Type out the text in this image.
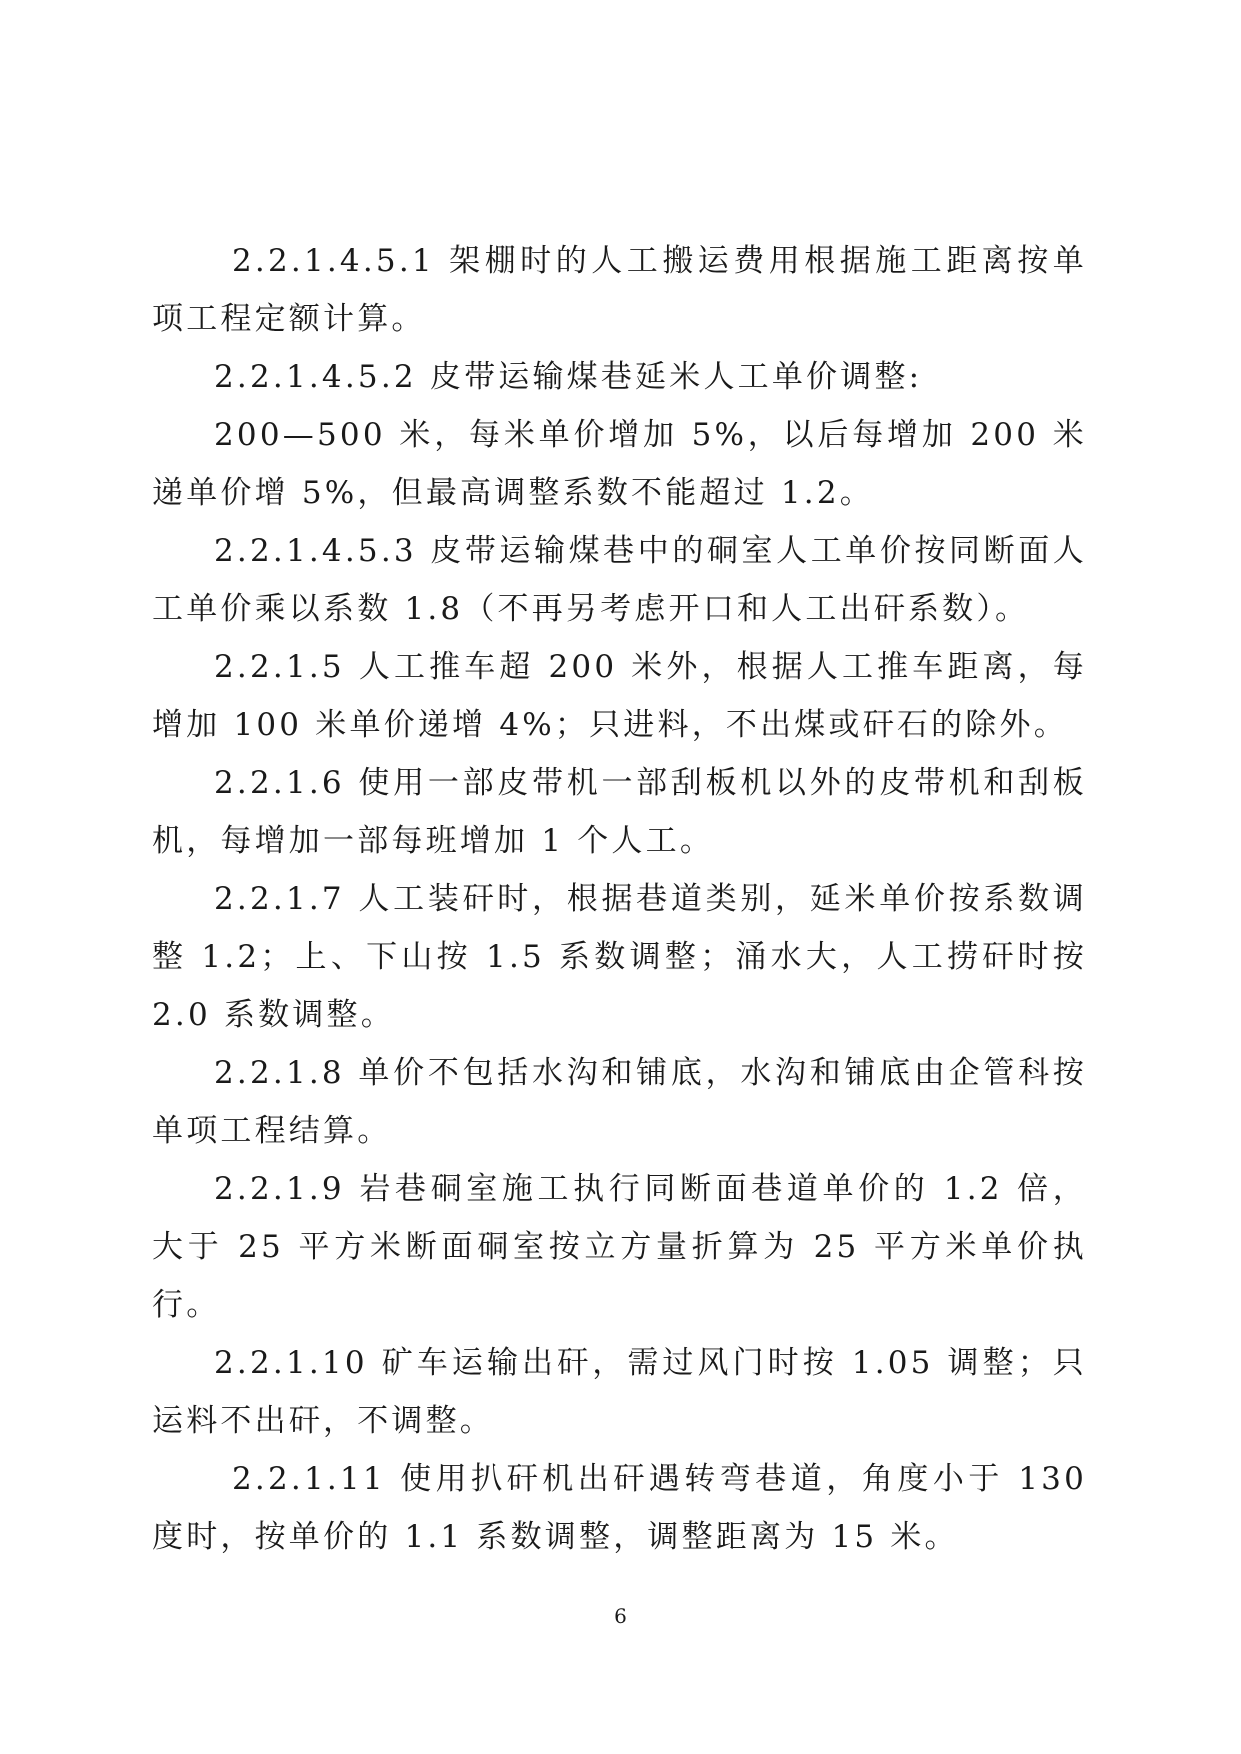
2.2.1.4.5.1 架棚时的人工搬运费用根据施工距离按单项工程定额计算。

2.2.1.4.5.2 皮带运输煤巷延米人工单价调整:

200—500 米，每米单价增加 5%，以后每增加 200 米递单价增 5%，但最高调整系数不能超过 1.2。

2.2.1.4.5.3 皮带运输煤巷中的硐室人工单价按同断面人工单价乘以系数 1.8（不再另考虑开口和人工出矸系数）。

2.2.1.5 人工推车超 200 米外，根据人工推车距离，每增加 100 米单价递增 4%；只进料，不出煤或矸石的除外。

2.2.1.6 使用一部皮带机一部刮板机以外的皮带机和刮板机，每增加一部每班增加 1 个人工。

2.2.1.7 人工装矸时，根据巷道类别，延米单价按系数调整 1.2；上、下山按 1.5 系数调整；涌水大，人工捞矸时按 2.0 系数调整。

2.2.1.8 单价不包括水沟和铺底，水沟和铺底由企管科按单项工程结算。

2.2.1.9 岩巷硐室施工执行同断面巷道单价的 1.2 倍，大于 25 平方米断面硐室按立方量折算为 25 平方米单价执行。

2.2.1.10 矿车运输出矸，需过风门时按 1.05 调整；只运料不出矸，不调整。

2.2.1.11 使用扒矸机出矸遇转弯巷道，角度小于 130 度时，按单价的 1.1 系数调整，调整距离为 15 米。

6
